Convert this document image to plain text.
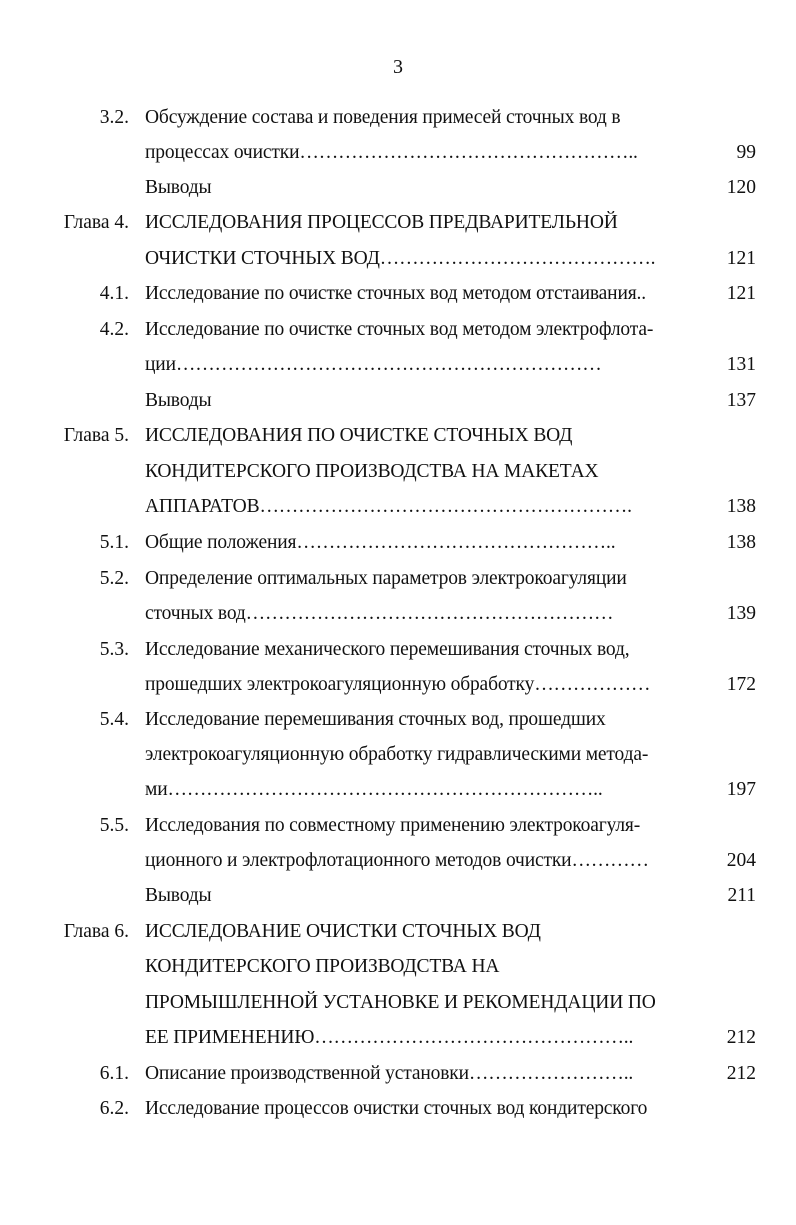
3
3.2. Обсуждение состава и поведения примесей сточных вод в
процессах очистки……………………………………………..	99
Выводы	120
Глава 4. ИССЛЕДОВАНИЯ ПРОЦЕССОВ ПРЕДВАРИТЕЛЬНОЙ
ОЧИСТКИ СТОЧНЫХ ВОД…………………………………….	121
4.1. Исследование по очистке сточных вод методом отстаивания..	121
4.2. Исследование по очистке сточных вод методом электрофлота-
ции…………………………………………………………	131
Выводы	137
Глава 5. ИССЛЕДОВАНИЯ ПО ОЧИСТКЕ СТОЧНЫХ ВОД
КОНДИТЕРСКОГО ПРОИЗВОДСТВА НА МАКЕТАХ
АППАРАТОВ………………………………………………….	138
5.1. Общие положения…………………………………………..	138
5.2. Определение оптимальных параметров электрокоагуляции
сточных вод…………………………………………………	139
5.3. Исследование механического перемешивания сточных вод,
прошедших электрокоагуляционную обработку………………	172
5.4. Исследование перемешивания сточных вод, прошедших
электрокоагуляционную обработку гидравлическими метода-
ми…………………………………………………………..	197
5.5. Исследования по совместному применению электрокоагуля-
ционного и электрофлотационного методов очистки…………	204
Выводы	211
Глава 6. ИССЛЕДОВАНИЕ ОЧИСТКИ СТОЧНЫХ ВОД
КОНДИТЕРСКОГО ПРОИЗВОДСТВА НА
ПРОМЫШЛЕННОЙ УСТАНОВКЕ И РЕКОМЕНДАЦИИ ПО
ЕЕ ПРИМЕНЕНИЮ…………………………………………..	212
6.1. Описание производственной установки……………………..	212
6.2. Исследование процессов очистки сточных вод кондитерского
